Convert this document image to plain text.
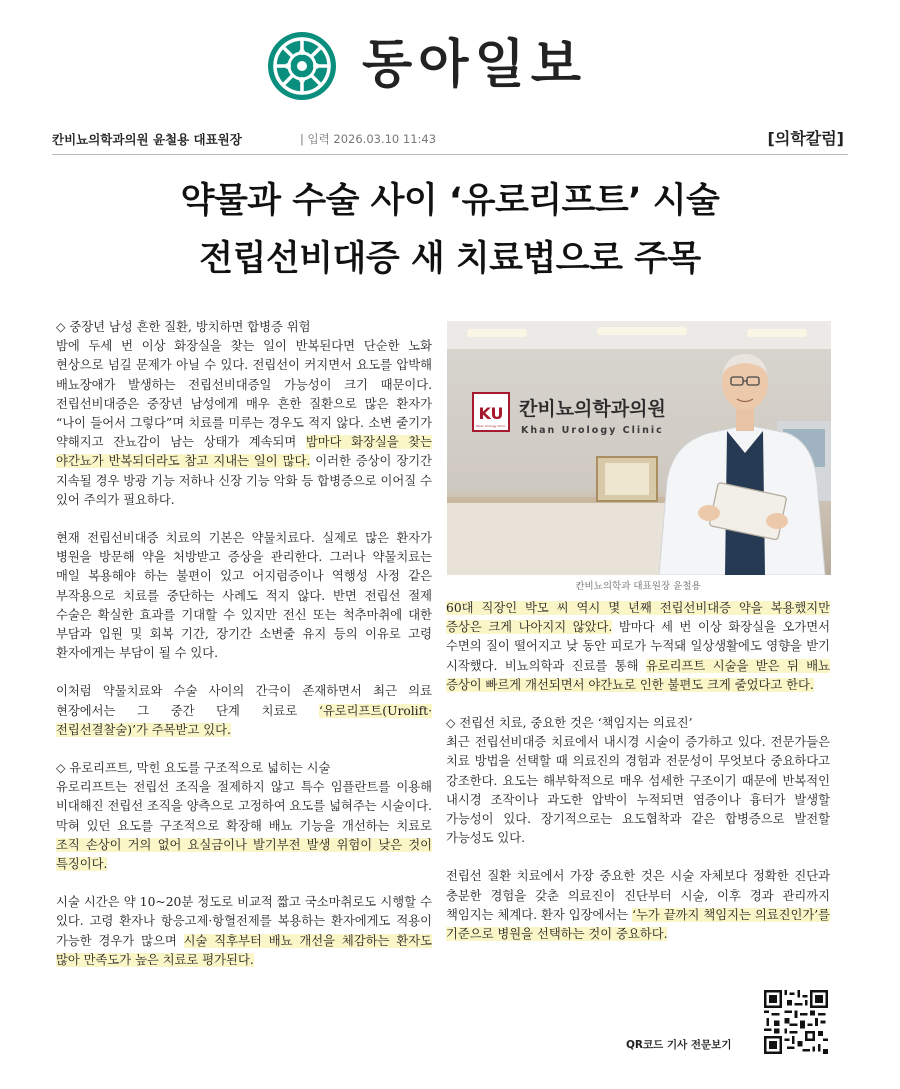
동아일보
칸비뇨의학과의원 윤철용 대표원장	| 입력 2026.03.10 11:43	[의학칼럼]
약물과 수술 사이 ‘유로리프트’ 시술
전립선비대증 새 치료법으로 주목

◇ 중장년 남성 흔한 질환, 방치하면 합병증 위험
밤에 두세 번 이상 화장실을 찾는 일이 반복된다면 단순한 노화 현상으로 넘길 문제가 아닐 수 있다. 전립선이 커지면서 요도를 압박해 배뇨장애가 발생하는 전립선비대증일 가능성이 크기 때문이다. 전립선비대증은 중장년 남성에게 매우 흔한 질환으로 많은 환자가 “나이 들어서 그렇다”며 치료를 미루는 경우도 적지 않다. 소변 줄기가 약해지고 잔뇨감이 남는 상태가 계속되며 밤마다 화장실을 찾는 야간뇨가 반복되더라도 참고 지내는 일이 많다. 이러한 증상이 장기간 지속될 경우 방광 기능 저하나 신장 기능 악화 등 합병증으로 이어질 수 있어 주의가 필요하다.

현재 전립선비대증 치료의 기본은 약물치료다. 실제로 많은 환자가 병원을 방문해 약을 처방받고 증상을 관리한다. 그러나 약물치료는 매일 복용해야 하는 불편이 있고 어지럼증이나 역행성 사정 같은 부작용으로 치료를 중단하는 사례도 적지 않다. 반면 전립선 절제 수술은 확실한 효과를 기대할 수 있지만 전신 또는 척추마취에 대한 부담과 입원 및 회복 기간, 장기간 소변줄 유지 등의 이유로 고령 환자에게는 부담이 될 수 있다.

이처럼 약물치료와 수술 사이의 간극이 존재하면서 최근 의료 현장에서는 그 중간 단계 치료로 ‘유로리프트(Urolift·전립선결찰술)’가 주목받고 있다.

◇ 유로리프트, 막힌 요도를 구조적으로 넓히는 시술
유로리프트는 전립선 조직을 절제하지 않고 특수 임플란트를 이용해 비대해진 전립선 조직을 양측으로 고정하여 요도를 넓혀주는 시술이다. 막혀 있던 요도를 구조적으로 확장해 배뇨 기능을 개선하는 치료로 조직 손상이 거의 없어 요실금이나 발기부전 발생 위험이 낮은 것이 특징이다.

시술 시간은 약 10~20분 정도로 비교적 짧고 국소마취로도 시행할 수 있다. 고령 환자나 항응고제·항혈전제를 복용하는 환자에게도 적용이 가능한 경우가 많으며 시술 직후부터 배뇨 개선을 체감하는 환자도 많아 만족도가 높은 치료로 평가된다.

KU
Khan Urology Clinic
칸비뇨의학과의원
Khan Urology Clinic
칸비뇨의학과 대표원장 윤철용

60대 직장인 박모 씨 역시 몇 년째 전립선비대증 약을 복용했지만 증상은 크게 나아지지 않았다. 밤마다 세 번 이상 화장실을 오가면서 수면의 질이 떨어지고 낮 동안 피로가 누적돼 일상생활에도 영향을 받기 시작했다. 비뇨의학과 진료를 통해 유로리프트 시술을 받은 뒤 배뇨 증상이 빠르게 개선되면서 야간뇨로 인한 불편도 크게 줄었다고 한다.

◇ 전립선 치료, 중요한 것은 ‘책임지는 의료진’
최근 전립선비대증 치료에서 내시경 시술이 증가하고 있다. 전문가들은 치료 방법을 선택할 때 의료진의 경험과 전문성이 무엇보다 중요하다고 강조한다. 요도는 해부학적으로 매우 섬세한 구조이기 때문에 반복적인 내시경 조작이나 과도한 압박이 누적되면 염증이나 흉터가 발생할 가능성이 있다. 장기적으로는 요도협착과 같은 합병증으로 발전할 가능성도 있다.

전립선 질환 치료에서 가장 중요한 것은 시술 자체보다 정확한 진단과 충분한 경험을 갖춘 의료진이 진단부터 시술, 이후 경과 관리까지 책임지는 체계다. 환자 입장에서는 ‘누가 끝까지 책임지는 의료진인가’를 기준으로 병원을 선택하는 것이 중요하다.

QR코드 기사 전문보기
